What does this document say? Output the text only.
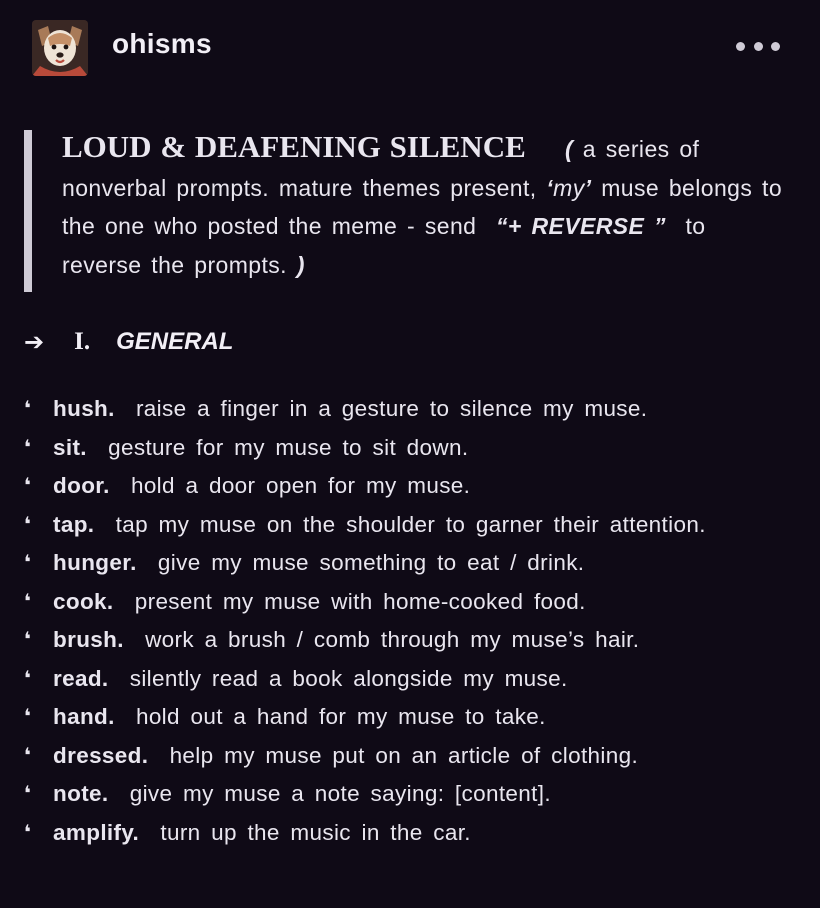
ohisms
LOUD & DEAFENING SILENCE ( a series of nonverbal prompts. mature themes present, ‘my’ muse belongs to the one who posted the meme - send “+ REVERSE ” to reverse the prompts. )
➔ I. GENERAL
❛ hush. raise a finger in a gesture to silence my muse.
❛ sit. gesture for my muse to sit down.
❛ door. hold a door open for my muse.
❛ tap. tap my muse on the shoulder to garner their attention.
❛ hunger. give my muse something to eat / drink.
❛ cook. present my muse with home-cooked food.
❛ brush. work a brush / comb through my muse’s hair.
❛ read. silently read a book alongside my muse.
❛ hand. hold out a hand for my muse to take.
❛ dressed. help my muse put on an article of clothing.
❛ note. give my muse a note saying: [content].
❛ amplify. turn up the music in the car.
